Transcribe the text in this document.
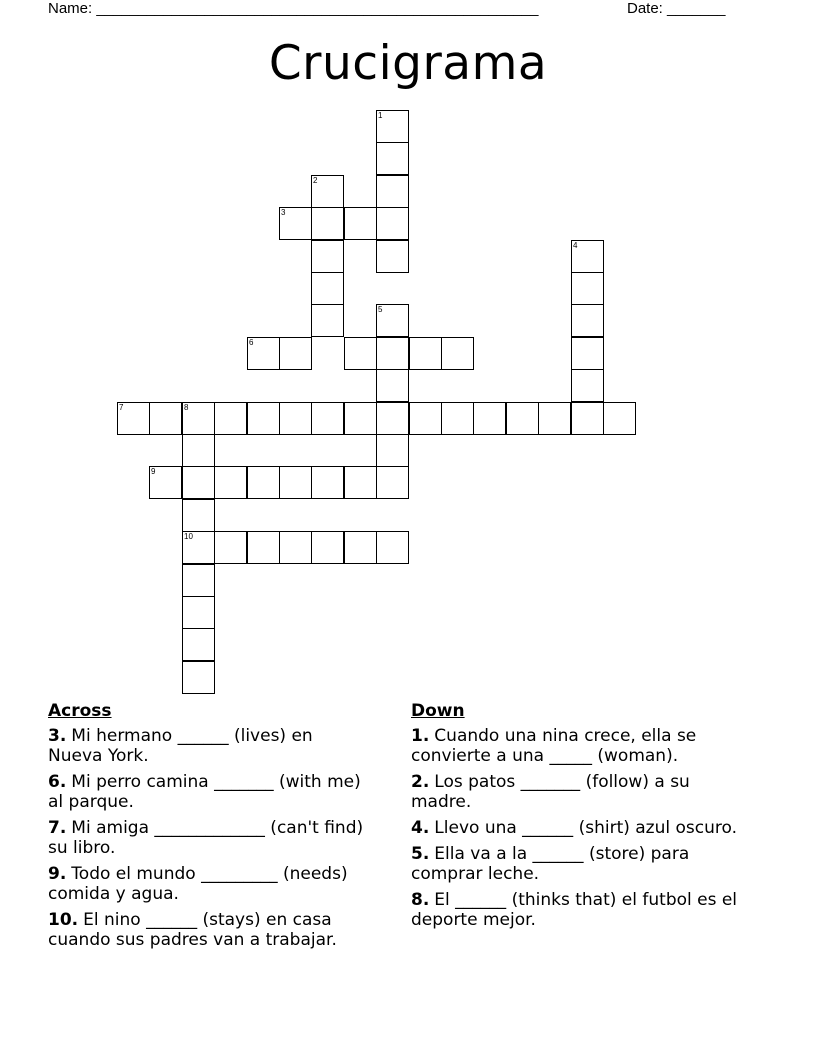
Name: _____________________________________________________	Date: _______
Crucigrama
1
2
3
4
5
6
7	8
10
9
Across
3. Mi hermano ______ (lives) en Nueva York.
6. Mi perro camina _______ (with me) al parque.
7. Mi amiga _____________ (can't find) su libro.
9. Todo el mundo _________ (needs) comida y agua.
10. El nino ______ (stays) en casa cuando sus padres van a trabajar.
Down
1. Cuando una nina crece, ella se convierte a una _____ (woman).
2. Los patos _______ (follow) a su madre.
4. Llevo una ______ (shirt) azul oscuro.
5. Ella va a la ______ (store) para comprar leche.
8. El ______ (thinks that) el futbol es el deporte mejor.
